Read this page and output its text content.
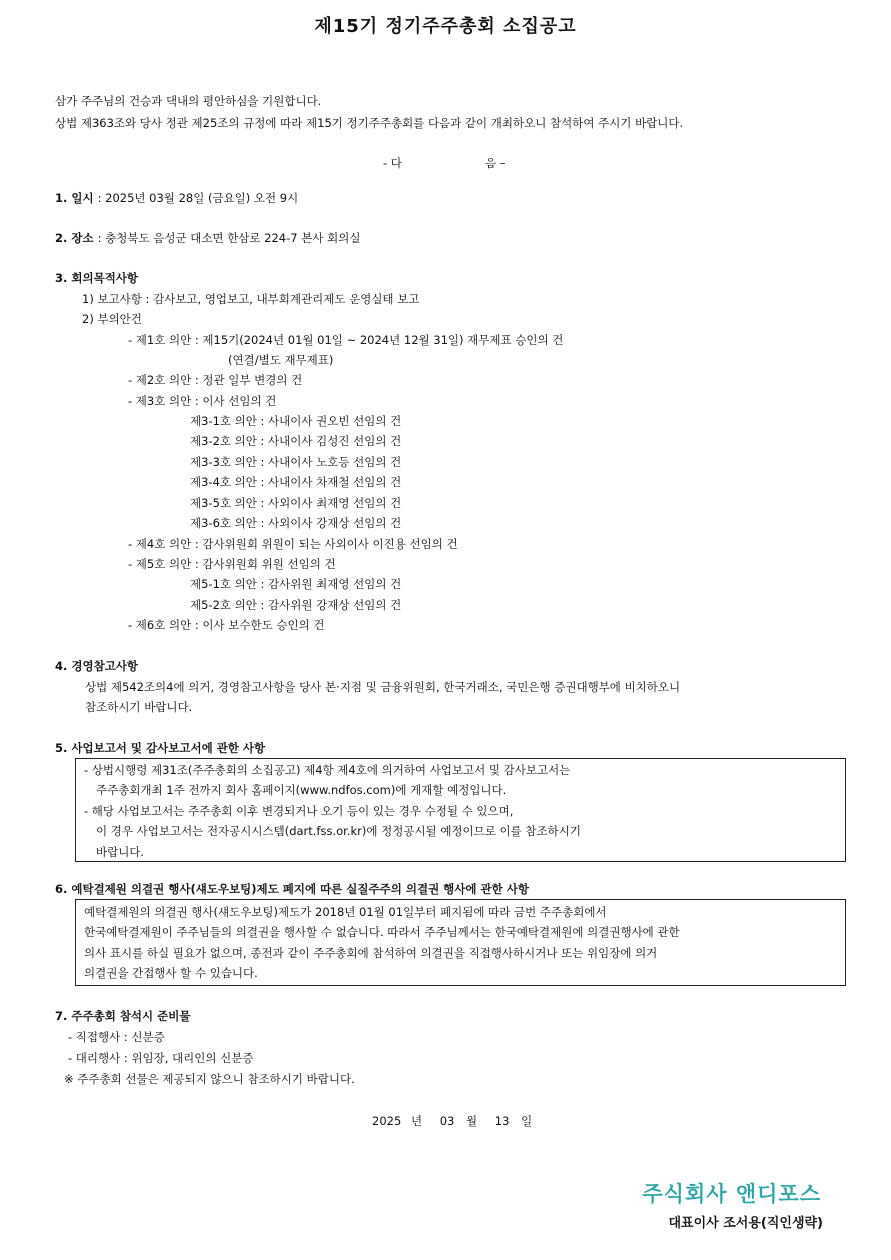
제15기 정기주주총회 소집공고
삼가 주주님의 건승과 댁내의 평안하심을 기원합니다.
상법 제363조와 당사 정관 제25조의 규정에 따라 제15기 정기주주총회를 다음과 같이 개최하오니 참석하여 주시기 바랍니다.
- 다	음 –
1. 일시 : 2025년 03월 28일 (금요일) 오전 9시
2. 장소 : 충청북도 음성군 대소면 한삼로 224-7 본사 회의실
3. 회의목적사항
1) 보고사항 : 감사보고, 영업보고, 내부회계관리제도 운영실태 보고
2) 부의안건
- 제1호 의안 : 제15기(2024년 01월 01일 ~ 2024년 12월 31일) 재무제표 승인의 건
(연결/별도 재무제표)
- 제2호 의안 : 정관 일부 변경의 건
- 제3호 의안 : 이사 선임의 건
제3-1호 의안 : 사내이사 권오빈 선임의 건
제3-2호 의안 : 사내이사 김성진 선임의 건
제3-3호 의안 : 사내이사 노호등 선임의 건
제3-4호 의안 : 사내이사 차재철 선임의 건
제3-5호 의안 : 사외이사 최재영 선임의 건
제3-6호 의안 : 사외이사 강재상 선임의 건
- 제4호 의안 : 감사위원회 위원이 되는 사외이사 이진용 선임의 건
- 제5호 의안 : 감사위원회 위원 선임의 건
제5-1호 의안 : 감사위원 최재영 선임의 건
제5-2호 의안 : 감사위원 강재상 선임의 건
- 제6호 의안 : 이사 보수한도 승인의 건
4. 경영참고사항
상법 제542조의4에 의거, 경영참고사항을 당사 본·지점 및 금융위원회, 한국거래소, 국민은행 증권대행부에 비치하오니
참조하시기 바랍니다.
5. 사업보고서 및 감사보고서에 관한 사항
- 상법시행령 제31조(주주총회의 소집공고) 제4항 제4호에 의거하여 사업보고서 및 감사보고서는
주주총회개최 1주 전까지 회사 홈페이지(www.ndfos.com)에 게재할 예정입니다.
- 해당 사업보고서는 주주총회 이후 변경되거나 오기 등이 있는 경우 수정될 수 있으며,
이 경우 사업보고서는 전자공시시스템(dart.fss.or.kr)에 정정공시될 예정이므로 이를 참조하시기
바랍니다.
6. 예탁결제원 의결권 행사(섀도우보팅)제도 폐지에 따른 실질주주의 의결권 행사에 관한 사항
예탁결제원의 의결권 행사(섀도우보팅)제도가 2018년 01월 01일부터 폐지됨에 따라 금번 주주총회에서
한국예탁결제원이 주주님들의 의결권을 행사할 수 없습니다. 따라서 주주님께서는 한국예탁결제원에 의결권행사에 관한
의사 표시를 하실 필요가 없으며, 종전과 같이 주주총회에 참석하여 의결권을 직접행사하시거나 또는 위임장에 의거
의결권을 간접행사 할 수 있습니다.
7. 주주총회 참석시 준비물
- 직접행사 : 신분증
- 대리행사 : 위임장, 대리인의 신분증
※ 주주총회 선물은 제공되지 않으니 참조하시기 바랍니다.
2025 년 03 월 13 일
주식회사 앤디포스
대표이사 조서용(직인생략)
